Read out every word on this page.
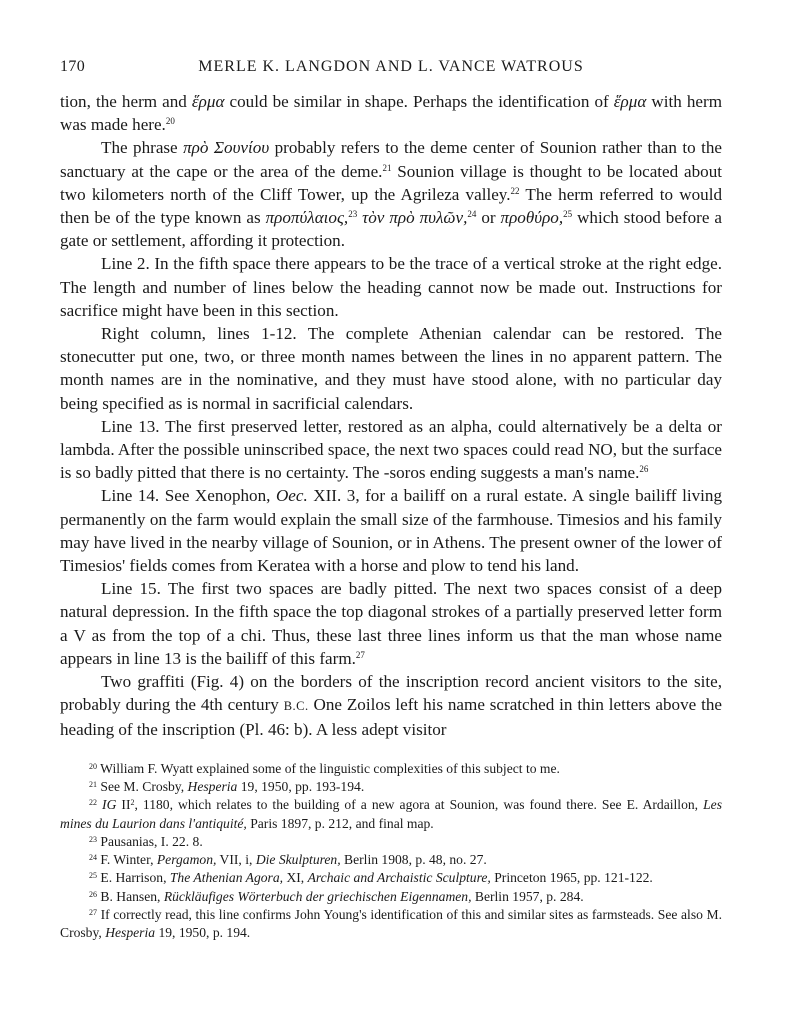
170	MERLE K. LANGDON AND L. VANCE WATROUS

tion, the herm and ἕρμα could be similar in shape. Perhaps the identification of ἕρμα with herm was made here.$^{20}$

The phrase πρὸ Σουνίου probably refers to the deme center of Sounion rather than to the sanctuary at the cape or the area of the deme.$^{21}$ Sounion village is thought to be located about two kilometers north of the Cliff Tower, up the Agrileza valley.$^{22}$ The herm referred to would then be of the type known as προπύλαιος,$^{23}$ τὸν πρὸ πυλῶν,$^{24}$ or προθύρο,$^{25}$ which stood before a gate or settlement, affording it protection.

Line 2. In the fifth space there appears to be the trace of a vertical stroke at the right edge. The length and number of lines below the heading cannot now be made out. Instructions for sacrifice might have been in this section.

Right column, lines 1-12. The complete Athenian calendar can be restored. The stonecutter put one, two, or three month names between the lines in no apparent pattern. The month names are in the nominative, and they must have stood alone, with no particular day being specified as is normal in sacrificial calendars.

Line 13. The first preserved letter, restored as an alpha, could alternatively be a delta or lambda. After the possible uninscribed space, the next two spaces could read NO, but the surface is so badly pitted that there is no certainty. The -soros ending suggests a man's name.$^{26}$

Line 14. See Xenophon, Oec. XII. 3, for a bailiff on a rural estate. A single bailiff living permanently on the farm would explain the small size of the farmhouse. Timesios and his family may have lived in the nearby village of Sounion, or in Athens. The present owner of the lower of Timesios' fields comes from Keratea with a horse and plow to tend his land.

Line 15. The first two spaces are badly pitted. The next two spaces consist of a deep natural depression. In the fifth space the top diagonal strokes of a partially preserved letter form a V as from the top of a chi. Thus, these last three lines inform us that the man whose name appears in line 13 is the bailiff of this farm.$^{27}$

Two graffiti (Fig. 4) on the borders of the inscription record ancient visitors to the site, probably during the 4th century B.C. One Zoilos left his name scratched in thin letters above the heading of the inscription (Pl. 46: b). A less adept visitor

$^{20}$ William F. Wyatt explained some of the linguistic complexities of this subject to me.

$^{21}$ See M. Crosby, Hesperia 19, 1950, pp. 193-194.

$^{22}$ IG $II^2$, 1180, which relates to the building of a new agora at Sounion, was found there. See E. Ardaillon, Les mines du Laurion dans l'antiquité, Paris 1897, p. 212, and final map.

$^{23}$ Pausanias, I. 22. 8.

$^{24}$ F. Winter, Pergamon, VII, i, Die Skulpturen, Berlin 1908, p. 48, no. 27.

$^{25}$ E. Harrison, The Athenian Agora, XI, Archaic and Archaistic Sculpture, Princeton 1965, pp. 121-122.

$^{26}$ B. Hansen, Rückläufiges Wörterbuch der griechischen Eigennamen, Berlin 1957, p. 284.

$^{27}$ If correctly read, this line confirms John Young's identification of this and similar sites as farmsteads. See also M. Crosby, Hesperia 19, 1950, p. 194.
